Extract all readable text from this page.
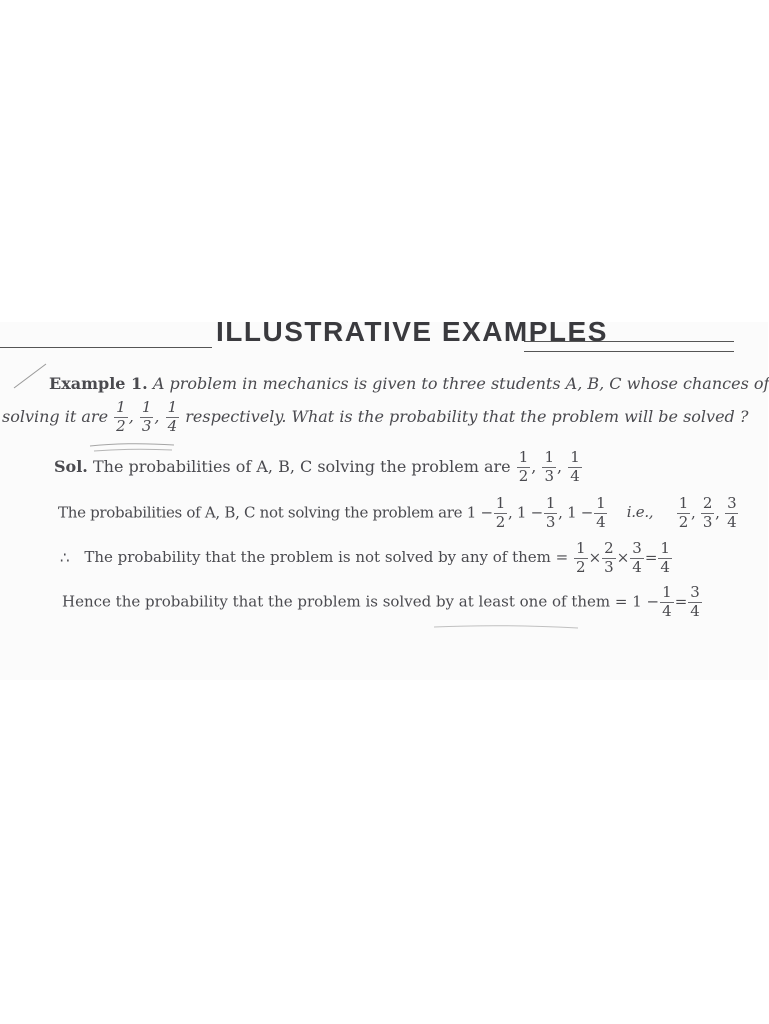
ILLUSTRATIVE EXAMPLES
Example 1. A problem in mechanics is given to three students A, B, C whose chances of
solving it are $\frac{1}{2}$ , $\frac{1}{3}$ , $\frac{1}{4}$ respectively. What is the probability that the problem will be solved ?
Sol. The probabilities of A, B, C solving the problem are $\frac{1}{2}$ , $\frac{1}{3}$ , $\frac{1}{4}$
The probabilities of A, B, C not solving the problem are $1 - \frac{1}{2}$ , $1 - \frac{1}{3}$ , $1 - \frac{1}{4} i.e$., $\frac{1}{2}$ , $\frac{2}{3}$ , $\frac{3}{4}$
∴ The probability that the problem is not solved by any of them = $\frac{1}{2} \times \frac{2}{3} \times \frac{3}{4} = \frac{1}{4}$
Hence the probability that the problem is solved by at least one of them = $1 - \frac{1}{4} = \frac{3}{4}$
